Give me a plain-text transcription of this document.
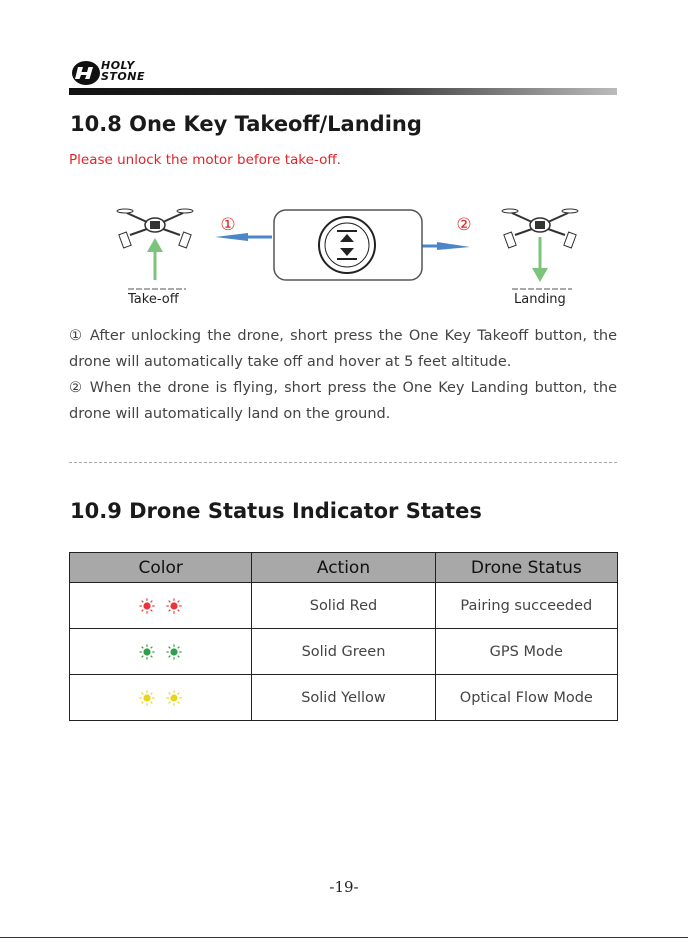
HOLY
STONE
10.8 One Key Takeoff/Landing
Please unlock the motor before take-off.
①	②
Take-off	Landing
① After unlocking the drone, short press the One Key Takeoff button, the drone will automatically take off and hover at 5 feet altitude.
② When the drone is flying, short press the One Key Landing button, the drone will automatically land on the ground.
10.9 Drone Status Indicator States
Color	Action	Drone Status

	Solid Red	Pairing succeeded

	Solid Green	GPS Mode

	Solid Yellow	Optical Flow Mode
-19-
